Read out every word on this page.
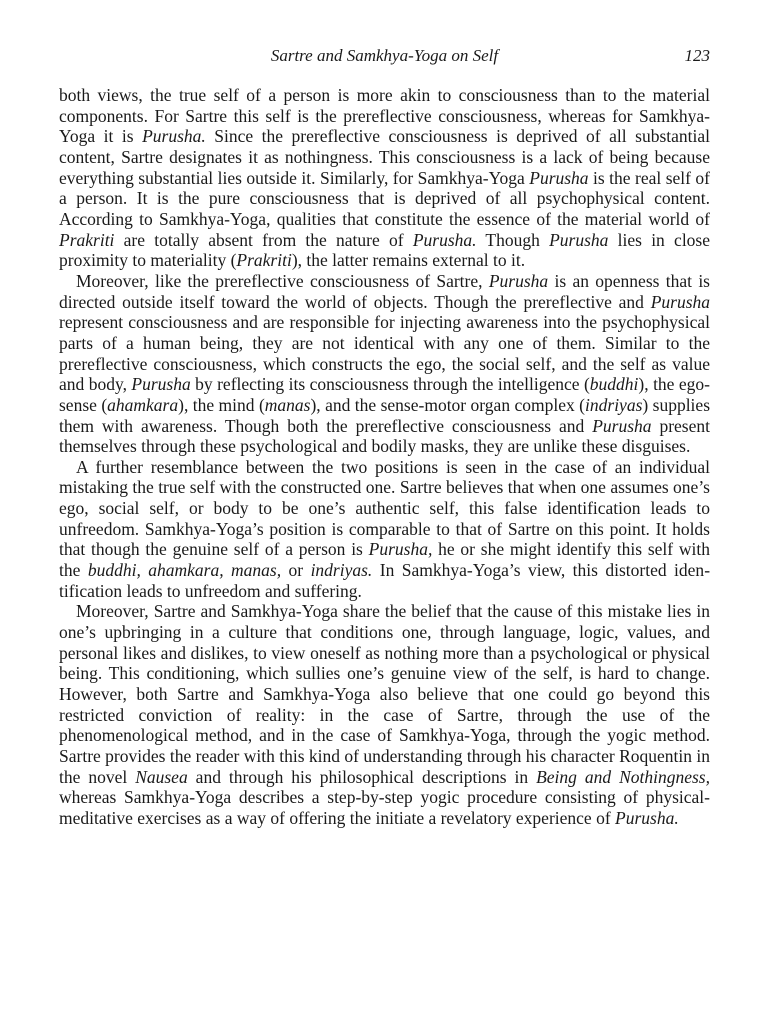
Sartre and Samkhya-Yoga on Self	123

both views, the true self of a person is more akin to consciousness than to the material components. For Sartre this self is the prereflective consciousness, whereas for Samkhya-Yoga it is Purusha. Since the prereflective consciousness is deprived of all substantial content, Sartre designates it as nothingness. This consciousness is a lack of being because everything substantial lies outside it. Similarly, for Samkhya-Yoga Purusha is the real self of a person. It is the pure consciousness that is deprived of all psychophysical content. According to Samkhya-Yoga, qualities that constitute the essence of the material world of Prakriti are totally absent from the nature of Purusha. Though Purusha lies in close proximity to materiality (Prakriti), the latter remains external to it.

Moreover, like the prereflective consciousness of Sartre, Purusha is an openness that is directed outside itself toward the world of objects. Though the prereflective and Purusha represent consciousness and are responsible for injecting awareness into the psychophysical parts of a human being, they are not identical with any one of them. Similar to the prereflective consciousness, which constructs the ego, the social self, and the self as value and body, Purusha by reflecting its consciousness through the intelligence (buddhi), the ego-sense (ahamkara), the mind (manas), and the sense-motor organ complex (indriyas) supplies them with awareness. Though both the prereflective consciousness and Purusha present themselves through these psychological and bodily masks, they are unlike these disguises.

A further resemblance between the two positions is seen in the case of an individual mistaking the true self with the constructed one. Sartre believes that when one assumes one’s ego, social self, or body to be one’s authentic self, this false identification leads to unfreedom. Samkhya-Yoga’s position is comparable to that of Sartre on this point. It holds that though the genuine self of a person is Purusha, he or she might identify this self with the buddhi, ahamkara, manas, or indriyas. In Samkhya-Yoga’s view, this distorted identification leads to unfreedom and suffering.

Moreover, Sartre and Samkhya-Yoga share the belief that the cause of this mistake lies in one’s upbringing in a culture that conditions one, through language, logic, values, and personal likes and dislikes, to view oneself as nothing more than a psychological or physical being. This conditioning, which sullies one’s genuine view of the self, is hard to change. However, both Sartre and Samkhya-Yoga also believe that one could go beyond this restricted conviction of reality: in the case of Sartre, through the use of the phenomenological method, and in the case of Samkhya-Yoga, through the yogic method. Sartre provides the reader with this kind of understanding through his character Roquentin in the novel Nausea and through his philosophical descriptions in Being and Nothingness, whereas Samkhya-Yoga describes a step-by-step yogic procedure consisting of physical-meditative exercises as a way of offering the initiate a revelatory experience of Purusha.
